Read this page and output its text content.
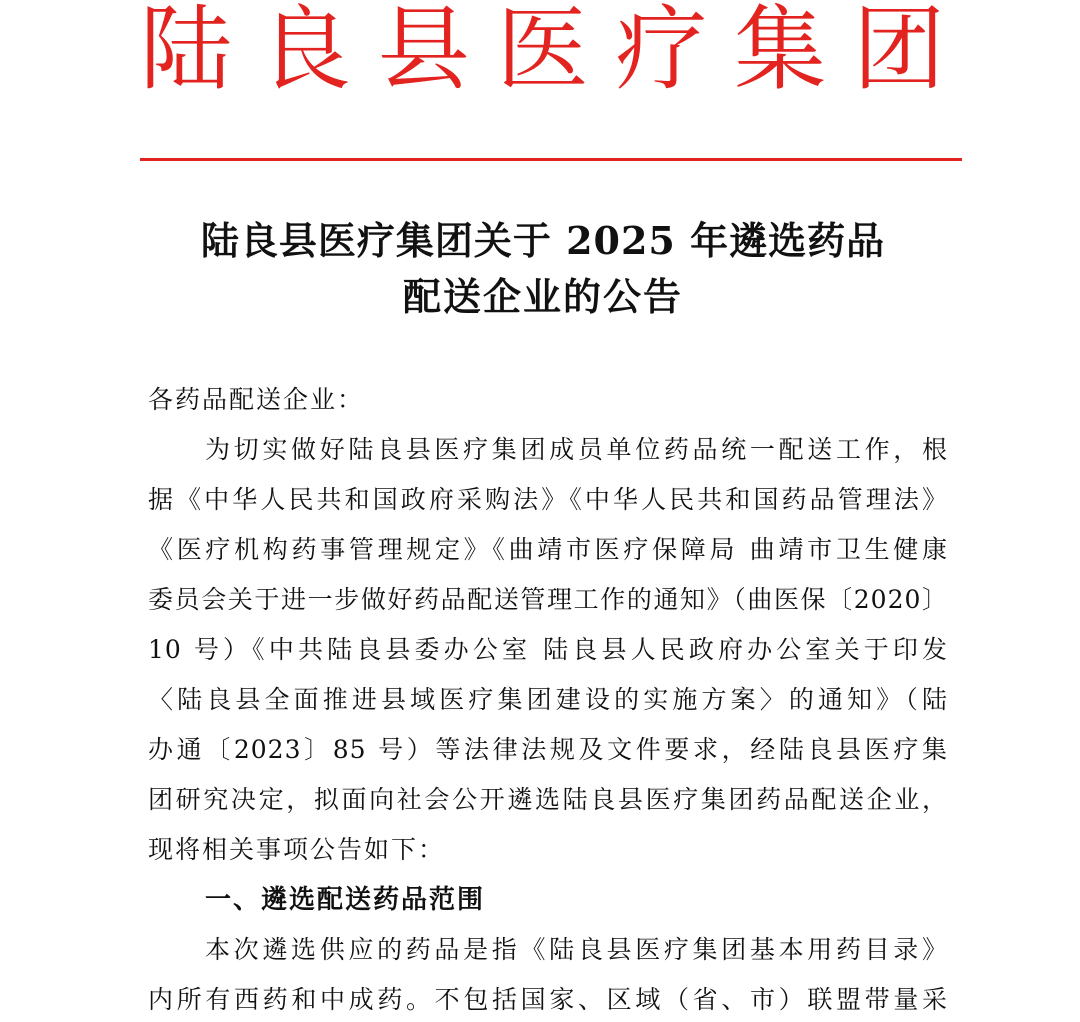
陆良县医疗集团
陆良县医疗集团关于 2025 年遴选药品
配送企业的公告
各药品配送企业：
为切实做好陆良县医疗集团成员单位药品统一配送工作，根
据《中华人民共和国政府采购法》《中华人民共和国药品管理法》
《医疗机构药事管理规定》《曲靖市医疗保障局 曲靖市卫生健康
委员会关于进一步做好药品配送管理工作的通知》（曲医保〔2020〕
10 号）《中共陆良县委办公室 陆良县人民政府办公室关于印发
〈陆良县全面推进县域医疗集团建设的实施方案〉的通知》（陆
办通〔2023〕85 号）等法律法规及文件要求，经陆良县医疗集
团研究决定，拟面向社会公开遴选陆良县医疗集团药品配送企业，
现将相关事项公告如下：
一、遴选配送药品范围
本次遴选供应的药品是指《陆良县医疗集团基本用药目录》
内所有西药和中成药。不包括国家、区域（省、市）联盟带量采
